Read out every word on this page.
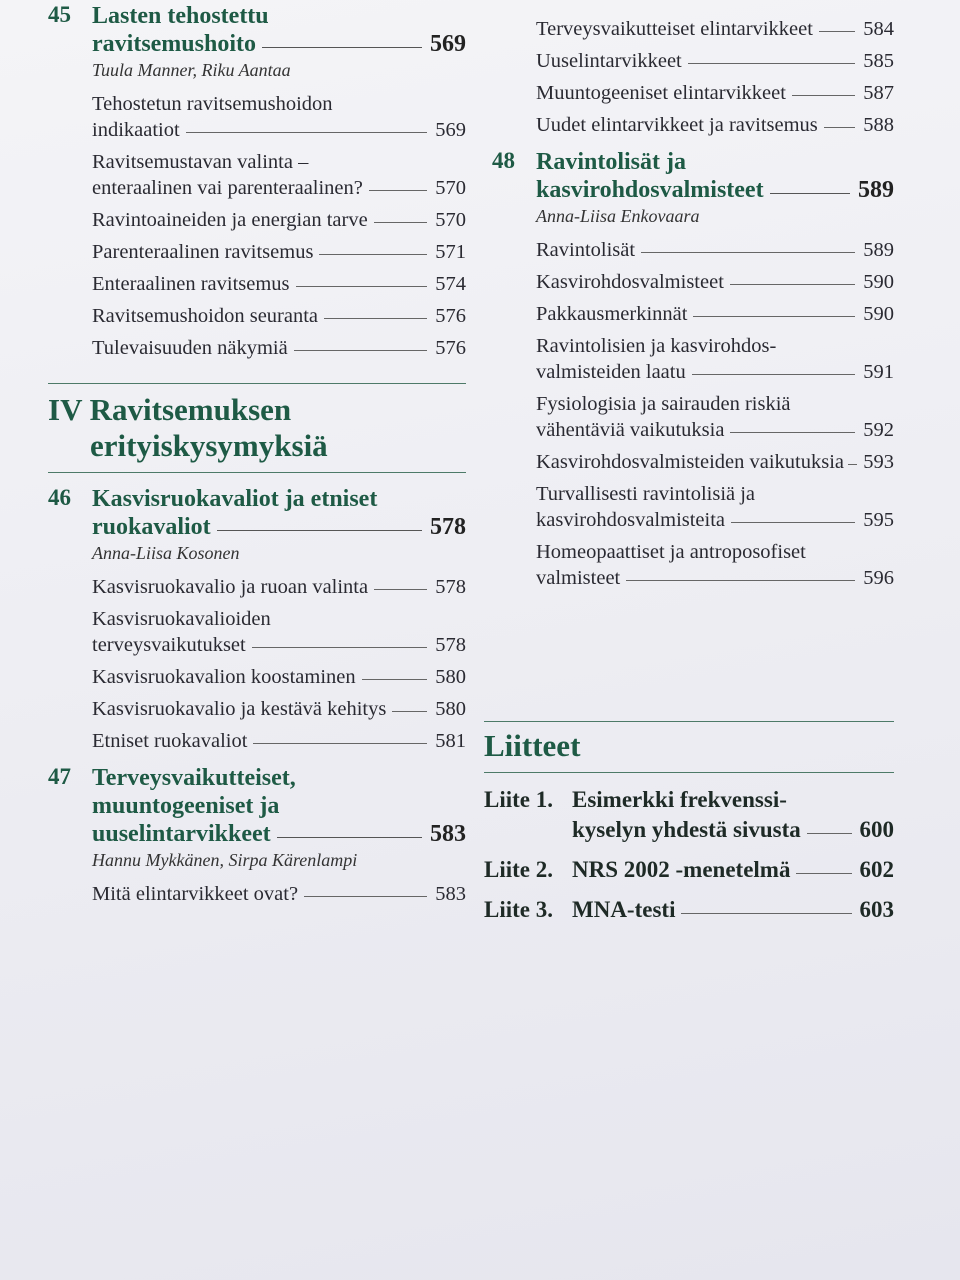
45 Lasten tehostettu
ravitsemushoito	569
Tuula Manner, Riku Aantaa
Tehostetun ravitsemushoidon
indikaatiot	569
Ravitsemustavan valinta –
enteraalinen vai parenteraalinen?	570
Ravintoaineiden ja energian tarve	570
Parenteraalinen ravitsemus	571
Enteraalinen ravitsemus	574
Ravitsemushoidon seuranta	576
Tulevaisuuden näkymiä	576
IV Ravitsemuksen
erityiskysymyksiä
46 Kasvisruokavaliot ja etniset
ruokavaliot	578
Anna-Liisa Kosonen
Kasvisruokavalio ja ruoan valinta	578
Kasvisruokavalioiden
terveysvaikutukset	578
Kasvisruokavalion koostaminen	580
Kasvisruokavalio ja kestävä kehitys 580
Etniset ruokavaliot	581
47 Terveysvaikutteiset,
muuntogeeniset ja
uuselintarvikkeet	583
Hannu Mykkänen, Sirpa Kärenlampi
Mitä elintarvikkeet ovat?	583
Terveysvaikutteiset elintarvikkeet 584
Uuselintarvikkeet	585
Muuntogeeniset elintarvikkeet	587
Uudet elintarvikkeet ja ravitsemus 588
48 Ravintolisät ja
kasvirohdosvalmisteet	589
Anna-Liisa Enkovaara
Ravintolisät	589
Kasvirohdosvalmisteet	590
Pakkausmerkinnät	590
Ravintolisien ja kasvirohdos-
valmisteiden laatu	591
Fysiologisia ja sairauden riskiä
vähentäviä vaikutuksia	592
Kasvirohdosvalmisteiden vaikutuksia 593
Turvallisesti ravintolisiä ja
kasvirohdosvalmisteita	595
Homeopaattiset ja antroposofiset
valmisteet	596
Liitteet
Liite 1. Esimerkki frekvenssi-
kyselyn yhdestä sivusta	600
Liite 2. NRS 2002 -menetelmä	602
Liite 3. MNA-testi	603
